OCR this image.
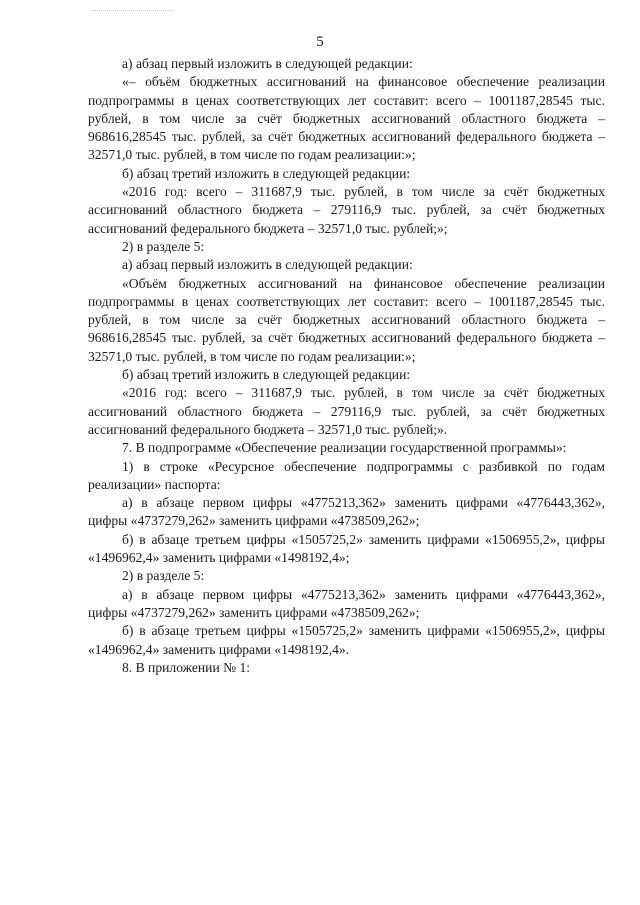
5

а) абзац первый изложить в следующей редакции:

«– объём бюджетных ассигнований на финансовое обеспечение реализации подпрограммы в ценах соответствующих лет составит: всего – 1001187,28545 тыс. рублей, в том числе за счёт бюджетных ассигнований областного бюджета – 968616,28545 тыс. рублей, за счёт бюджетных ассигнований федерального бюджета – 32571,0 тыс. рублей, в том числе по годам реализации:»;

б) абзац третий изложить в следующей редакции:

«2016 год: всего – 311687,9 тыс. рублей, в том числе за счёт бюджетных ассигнований областного бюджета – 279116,9 тыс. рублей, за счёт бюджетных ассигнований федерального бюджета – 32571,0 тыс. рублей;»;

2) в разделе 5:

а) абзац первый изложить в следующей редакции:

«Объём бюджетных ассигнований на финансовое обеспечение реализации подпрограммы в ценах соответствующих лет составит: всего – 1001187,28545 тыс. рублей, в том числе за счёт бюджетных ассигнований областного бюджета – 968616,28545 тыс. рублей, за счёт бюджетных ассигнований федерального бюджета – 32571,0 тыс. рублей, в том числе по годам реализации:»;

б) абзац третий изложить в следующей редакции:

«2016 год: всего – 311687,9 тыс. рублей, в том числе за счёт бюджетных ассигнований областного бюджета – 279116,9 тыс. рублей, за счёт бюджетных ассигнований федерального бюджета – 32571,0 тыс. рублей;».

7. В подпрограмме «Обеспечение реализации государственной программы»:

1) в строке «Ресурсное обеспечение подпрограммы с разбивкой по годам реализации» паспорта:

а) в абзаце первом цифры «4775213,362» заменить цифрами «4776443,362», цифры «4737279,262» заменить цифрами «4738509,262»;

б) в абзаце третьем цифры «1505725,2» заменить цифрами «1506955,2», цифры «1496962,4» заменить цифрами «1498192,4»;

2) в разделе 5:

а) в абзаце первом цифры «4775213,362» заменить цифрами «4776443,362», цифры «4737279,262» заменить цифрами «4738509,262»;

б) в абзаце третьем цифры «1505725,2» заменить цифрами «1506955,2», цифры «1496962,4» заменить цифрами «1498192,4».

8. В приложении № 1:
